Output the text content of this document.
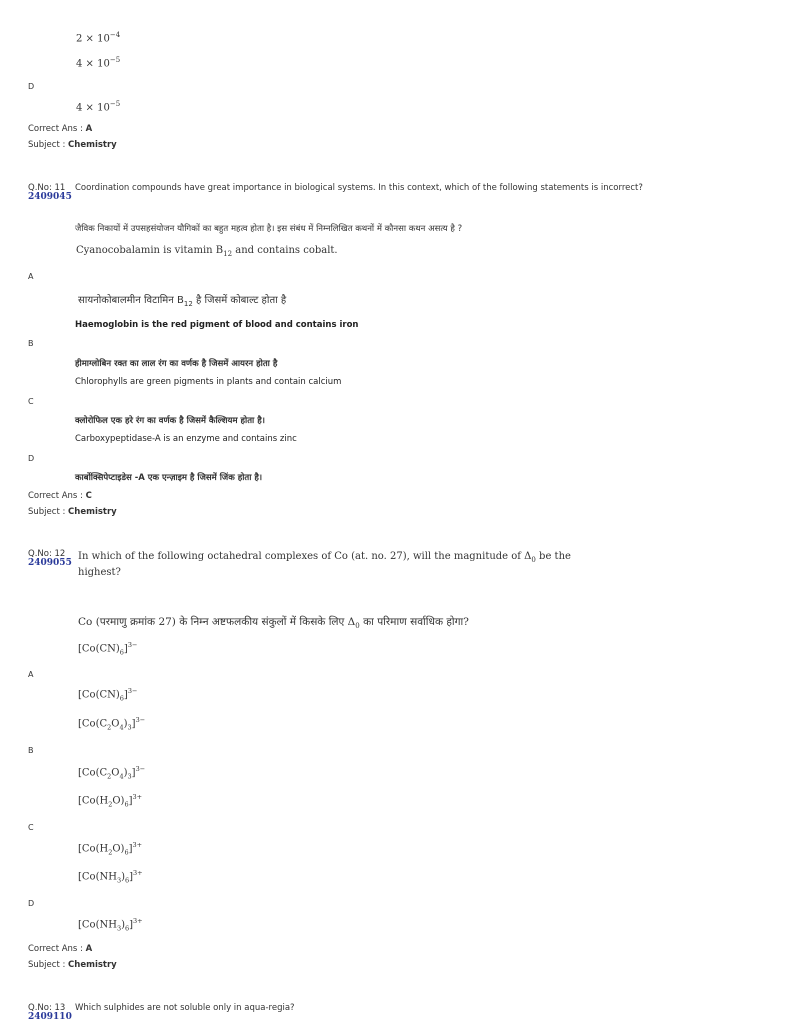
$2 \times 10^{-4}$
$4 \times 10^{-5}$
D
$4 \times 10^{-5}$
Correct Ans : A
Subject : Chemistry
Q.No: 11
2409045
Coordination compounds have great importance in biological systems. In this context, which of the following statements is incorrect?
जैविक निकायों में उपसहसंयोजन यौगिकों का बहुत महत्व होता है। इस संबंध में निम्नलिखित कथनों में कौनसा कथन असत्य है ?
Cyanocobalamin is vitamin $B_{12}$ and contains cobalt.
A
सायनोकोबालमीन विटामिन $B_{12}$ है जिसमें कोबाल्ट होता है
Haemoglobin is the red pigment of blood and contains iron
B
हीमाग्लोबिन रक्त का लाल रंग का वर्णक है जिसमें आयरन होता है
Chlorophylls are green pigments in plants and contain calcium
C
क्लोरोफिल एक हरे रंग का वर्णक है जिसमें कैल्शियम होता है।
Carboxypeptidase-A is an enzyme and contains zinc
D
कार्बोक्सिपेप्टाइडेस -A एक एन्ज़ाइम है जिसमें जिंक होता है।
Correct Ans : C
Subject : Chemistry
Q.No: 12
2409055
In which of the following octahedral complexes of Co (at. no. 27), will the magnitude of $\Delta_0$ be the
highest?
Co (परमाणु क्रमांक 27) के निम्न अष्टफलकीय संकुलों में किसके लिए $\Delta_0$ का परिमाण सर्वाधिक होगा?
$[Co(CN)_6]^{3-}$
A
$[Co(CN)_6]^{3-}$
$[Co(C_2O_4)_3]^{3-}$
B
$[Co(C_2O_4)_3]^{3-}$
$[Co(H_2O)_6]^{3+}$
C
$[Co(H_2O)_6]^{3+}$
$[Co(NH_3)_6]^{3+}$
D
$[Co(NH_3)_6]^{3+}$
Correct Ans : A
Subject : Chemistry
Q.No: 13
2409110
Which sulphides are not soluble only in aqua-regia?
